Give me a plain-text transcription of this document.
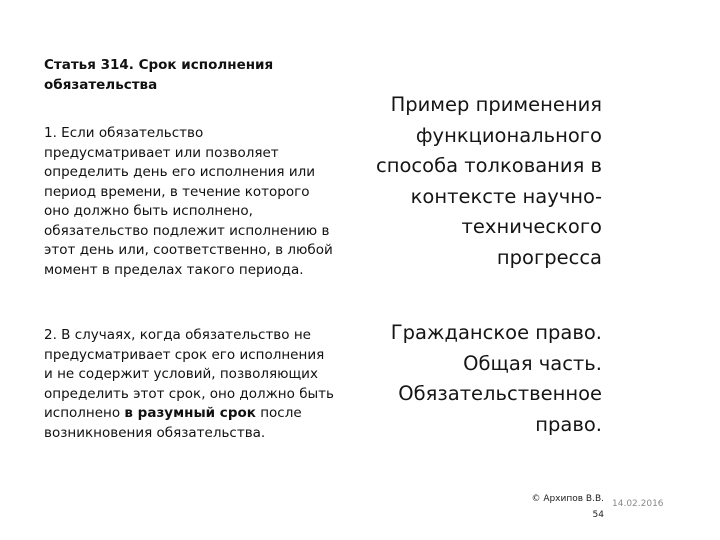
Статья 314. Срок исполнения обязательства
1. Если обязательство предусматривает или позволяет определить день его исполнения или период времени, в течение которого оно должно быть исполнено, обязательство подлежит исполнению в этот день или, соответственно, в любой момент в пределах такого периода.
2. В случаях, когда обязательство не предусматривает срок его исполнения и не содержит условий, позволяющих определить этот срок, оно должно быть исполнено в разумный срок после возникновения обязательства.
Пример применения функционального способа толкования в контексте научно-технического прогресса
Гражданское право. Общая часть. Обязательственное право.
© Архипов В.В.
54
14.02.2016
